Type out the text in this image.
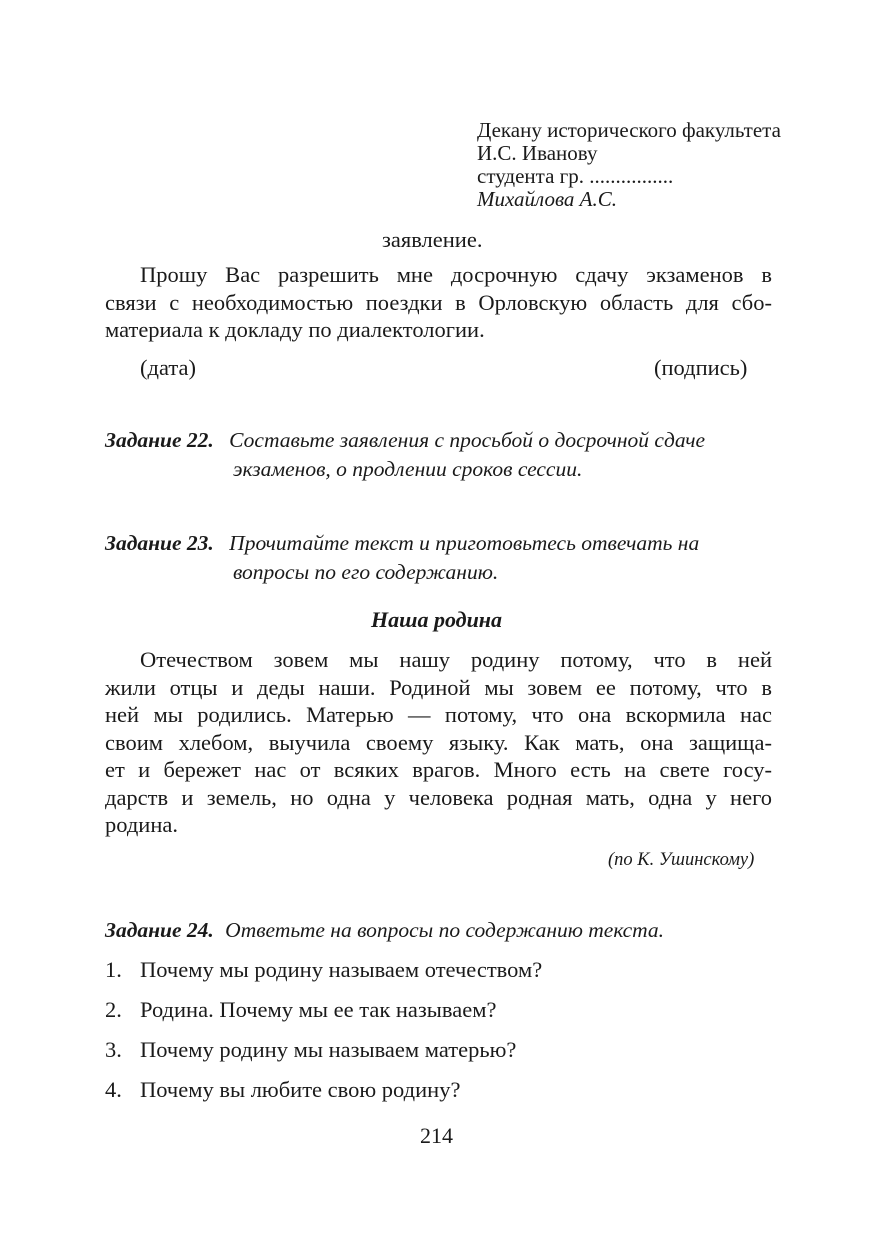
Декану исторического факультета
И.С. Иванову
студента гр. ................
Михайлова А.С.
заявление.
Прошу Вас разрешить мне досрочную сдачу экзаменов в
связи с необходимостью поездки в Орловскую область для сбо-
материала к докладу по диалектологии.
(дата)	(подпись)
Задание 22. Составьте заявления с просьбой о досрочной сдаче
экзаменов, о продлении сроков сессии.
Задание 23. Прочитайте текст и приготовьтесь отвечать на
вопросы по его содержанию.
Наша родина
Отечеством зовем мы нашу родину потому, что в ней
жили отцы и деды наши. Родиной мы зовем ее потому, что в
ней мы родились. Матерью — потому, что она вскормила нас
своим хлебом, выучила своему языку. Как мать, она защища-
ет и бережет нас от всяких врагов. Много есть на свете госу-
дарств и земель, но одна у человека родная мать, одна у него
родина.
(по К. Ушинскому)
Задание 24. Ответьте на вопросы по содержанию текста.
1. Почему мы родину называем отечеством?
2. Родина. Почему мы ее так называем?
3. Почему родину мы называем матерью?
4. Почему вы любите свою родину?
214
